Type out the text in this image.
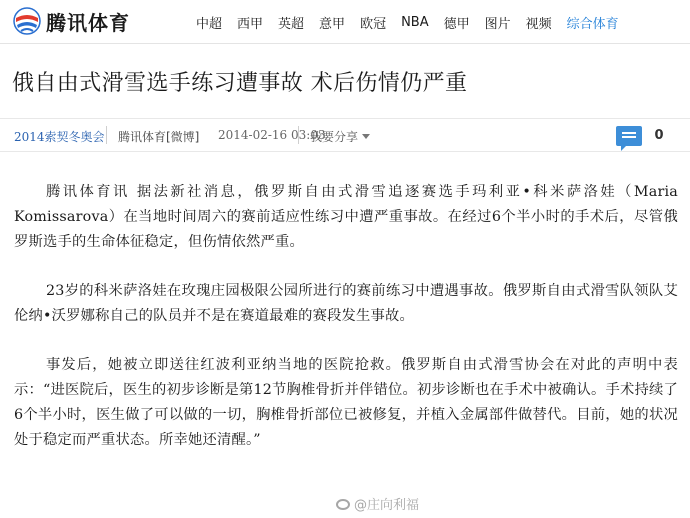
腾讯体育	中超 西甲 英超 意甲 欧冠 NBA 德甲 图片 视频 综合体育
俄自由式滑雪选手练习遭事故 术后伤情仍严重
2014索契冬奥会 腾讯体育[微博] 2014-02-16 03:03
我要分享	0

腾讯体育讯 据法新社消息，俄罗斯自由式滑雪追逐赛选手玛利亚•科米萨洛娃（Maria Komissarova）在当地时间周六的赛前适应性练习中遭严重事故。在经过6个半小时的手术后，尽管俄罗斯选手的生命体征稳定，但伤情依然严重。

23岁的科米萨洛娃在玫瑰庄园极限公园所进行的赛前练习中遭遇事故。俄罗斯自由式滑雪队领队艾伦纳•沃罗娜称自己的队员并不是在赛道最难的赛段发生事故。

事发后，她被立即送往红波利亚纳当地的医院抢救。俄罗斯自由式滑雪协会在对此的声明中表示：“进医院后，医生的初步诊断是第12节胸椎骨折并伴错位。初步诊断也在手术中被确认。手术持续了6个半小时，医生做了可以做的一切，胸椎骨折部位已被修复，并植入金属部件做替代。目前，她的状况处于稳定而严重状态。所幸她还清醒。”

@庄向利福
